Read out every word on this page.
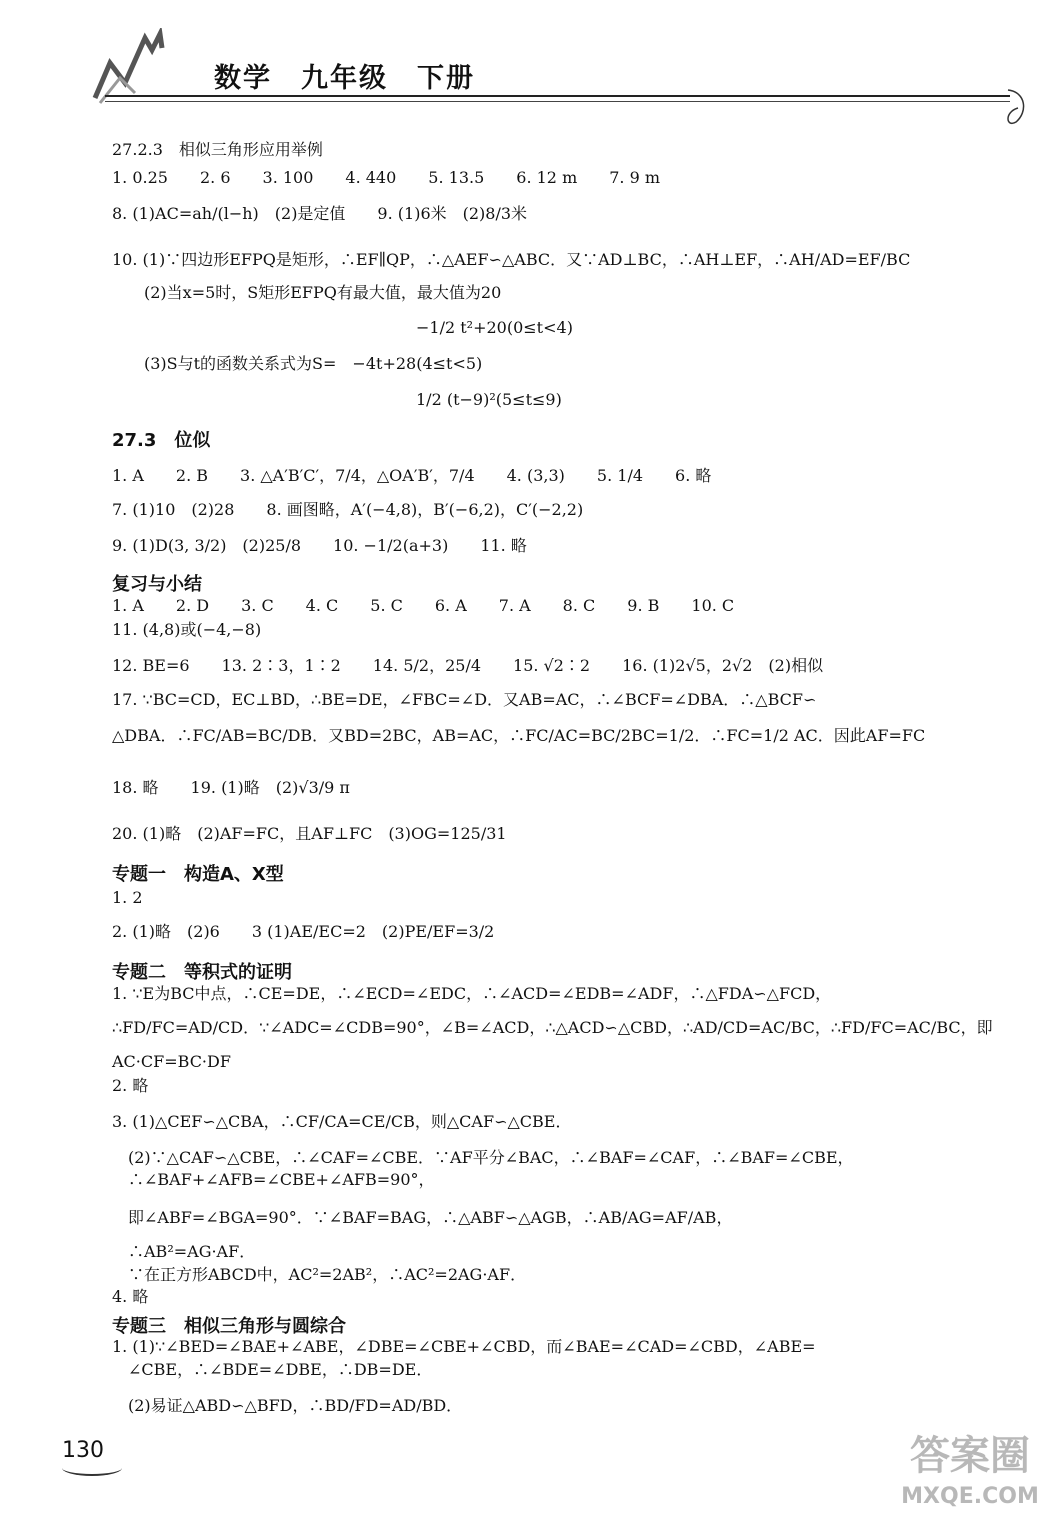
数学　九年级　下册
27.2.3　相似三角形应用举例
1. 0.25　　2. 6　　3. 100　　4. 440　　5. 13.5　　6. 12 m　　7. 9 m
8. (1)AC=ah/(l−h)　(2)是定值　　9. (1)6米　(2)8/3米
10. (1)∵四边形EFPQ是矩形，∴EF∥QP，∴△AEF∽△ABC．又∵AD⊥BC，∴AH⊥EF，∴AH/AD=EF/BC
　　(2)当x=5时，S矩形EFPQ有最大值，最大值为20
　　　　　　　　　　　　　　　　　　　−1/2 t²+20(0≤t<4)
　　(3)S与t的函数关系式为S=　−4t+28(4≤t<5)
　　　　　　　　　　　　　　　　　　　1/2 (t−9)²(5≤t≤9)
1. A　　2. B　　3. △A′B′C′，7/4，△OA′B′，7/4　　4. (3,3)　　5. 1/4　　6. 略
7. (1)10　(2)28　　8. 画图略，A′(−4,8)，B′(−6,2)，C′(−2,2)
9. (1)D(3, 3/2)　(2)25/8　　10. −1/2(a+3)　　11. 略
1. A　　2. D　　3. C　　4. C　　5. C　　6. A　　7. A　　8. C　　9. B　　10. C
11. (4,8)或(−4,−8)
12. BE=6　　13. 2∶3，1∶2　　14. 5/2，25/4　　15. √2∶2　　16. (1)2√5，2√2　(2)相似
17. ∵BC=CD，EC⊥BD，∴BE=DE，∠FBC=∠D．又AB=AC，∴∠BCF=∠DBA．∴△BCF∽
△DBA．∴FC/AB=BC/DB．又BD=2BC，AB=AC，∴FC/AC=BC/2BC=1/2．∴FC=1/2 AC．因此AF=FC
18. 略　　19. (1)略　(2)√3/9 π
20. (1)略　(2)AF=FC，且AF⊥FC　(3)OG=125/31
1. 2
2. (1)略　(2)6　　3 (1)AE/EC=2　(2)PE/EF=3/2
1. ∵E为BC中点，∴CE=DE，∴∠ECD=∠EDC，∴∠ACD=∠EDB=∠ADF，∴△FDA∽△FCD，
∴FD/FC=AD/CD．∵∠ADC=∠CDB=90°，∠B=∠ACD，∴△ACD∽△CBD，∴AD/CD=AC/BC，∴FD/FC=AC/BC，即
AC·CF=BC·DF
2. 略
3. (1)△CEF∽△CBA，∴CF/CA=CE/CB，则△CAF∽△CBE．
　(2)∵△CAF∽△CBE，∴∠CAF=∠CBE．∵AF平分∠BAC，∴∠BAF=∠CAF，∴∠BAF=∠CBE，
　∴∠BAF+∠AFB=∠CBE+∠AFB=90°，
　即∠ABF=∠BGA=90°．∵∠BAF=BAG，∴△ABF∽△AGB，∴AB/AG=AF/AB，
　∴AB²=AG·AF．
　∵在正方形ABCD中，AC²=2AB²，∴AC²=2AG·AF．
4. 略
1. (1)∵∠BED=∠BAE+∠ABE，∠DBE=∠CBE+∠CBD，而∠BAE=∠CAD=∠CBD，∠ABE=
　∠CBE，∴∠BDE=∠DBE，∴DB=DE．
　(2)易证△ABD∽△BFD，∴BD/FD=AD/BD．
27.3　位似
复习与小结
专题一　构造A、X型
专题二　等积式的证明
专题三　相似三角形与圆综合
130	答案圈
MXQE.COM
